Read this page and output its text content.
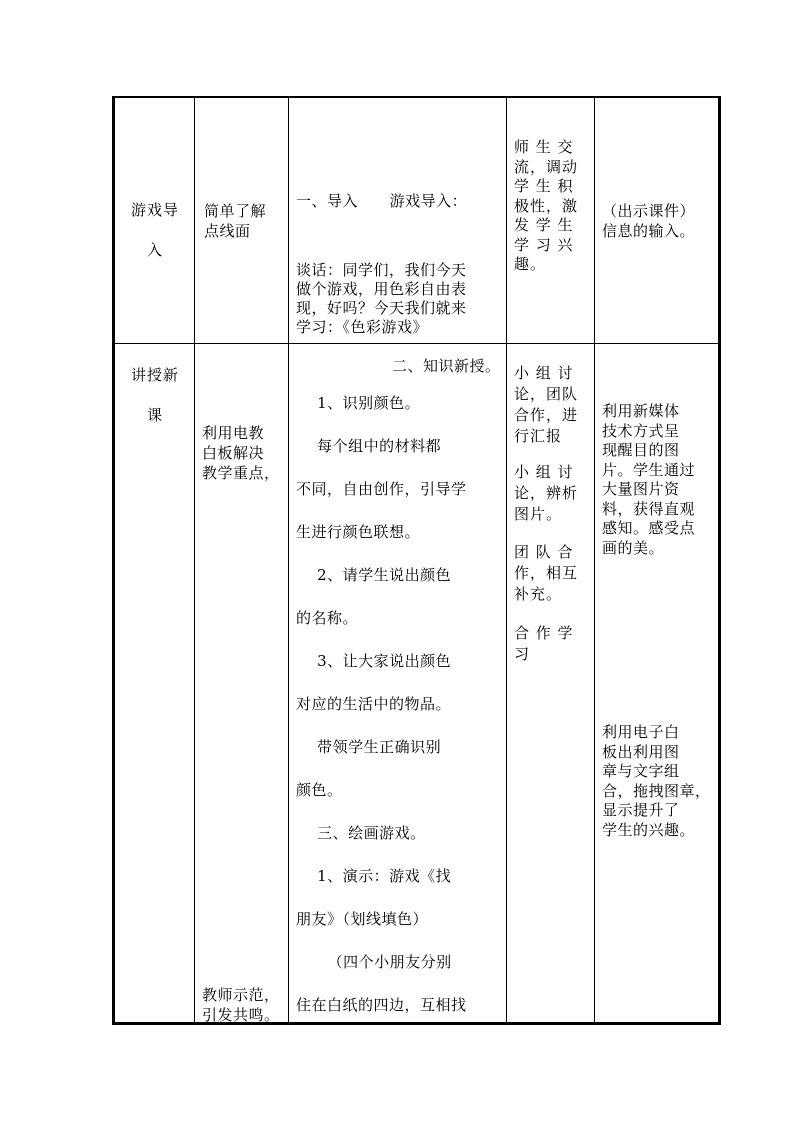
游戏导
入
简单了解
点线面
一、导入      游戏导入：
谈话：同学们，我们今天
做个游戏，用色彩自由表
现，好吗？今天我们就来
学习：《色彩游戏》
师 生 交
流，调动
学 生 积
极性，激
发 学 生
学 习 兴
趣。
（出示课件）
信息的输入。
讲授新
课
利用电教
白板解决
教学重点，
教师示范，
引发共鸣。
二、知识新授。
1、识别颜色。
每个组中的材料都
不同，自由创作，引导学
生进行颜色联想。
2、请学生说出颜色
的名称。
3、让大家说出颜色
对应的生活中的物品。
带领学生正确识别
颜色。
三、绘画游戏。
1、演示：游戏《找
朋友》（划线填色）
（四个小朋友分别
住在白纸的四边，互相找
小 组 讨
论，团队
合作，进
行汇报
小 组 讨
论，辨析
图片。
团 队 合
作，相互
补充。
合 作 学
习
利用新媒体
技术方式呈
现醒目的图
片。学生通过
大量图片资
料，获得直观
感知。感受点
画的美。
利用电子白
板出利用图
章与文字组
合，拖拽图章，
显示提升了
学生的兴趣。
